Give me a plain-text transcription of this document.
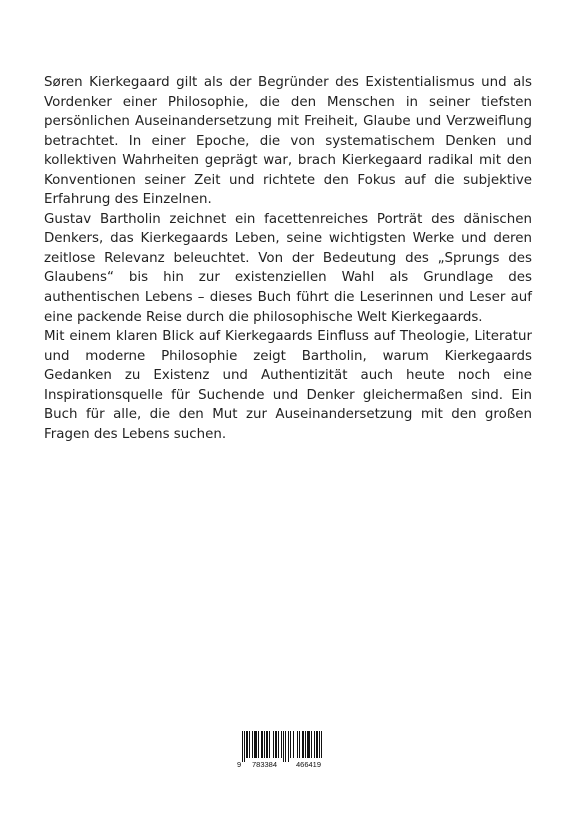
Søren Kierkegaard gilt als der Begründer des Existentialismus und als Vordenker einer Philosophie, die den Menschen in seiner tiefsten persönlichen Auseinandersetzung mit Freiheit, Glaube und Verzweiflung betrachtet. In einer Epoche, die von systematischem Denken und kollektiven Wahrheiten geprägt war, brach Kierkegaard radikal mit den Konventionen seiner Zeit und richtete den Fokus auf die subjektive Erfahrung des Einzelnen.

Gustav Bartholin zeichnet ein facettenreiches Porträt des dänischen Denkers, das Kierkegaards Leben, seine wichtigsten Werke und deren zeitlose Relevanz beleuchtet. Von der Bedeutung des „Sprungs des Glaubens“ bis hin zur existenziellen Wahl als Grundlage des authentischen Lebens – dieses Buch führt die Leserinnen und Leser auf eine packende Reise durch die philosophische Welt Kierkegaards.

Mit einem klaren Blick auf Kierkegaards Einfluss auf Theologie, Literatur und moderne Philosophie zeigt Bartholin, warum Kierkegaards Gedanken zu Existenz und Authentizität auch heute noch eine Inspirationsquelle für Suchende und Denker gleichermaßen sind. Ein Buch für alle, die den Mut zur Auseinandersetzung mit den großen Fragen des Lebens suchen.

9 783384	466419
